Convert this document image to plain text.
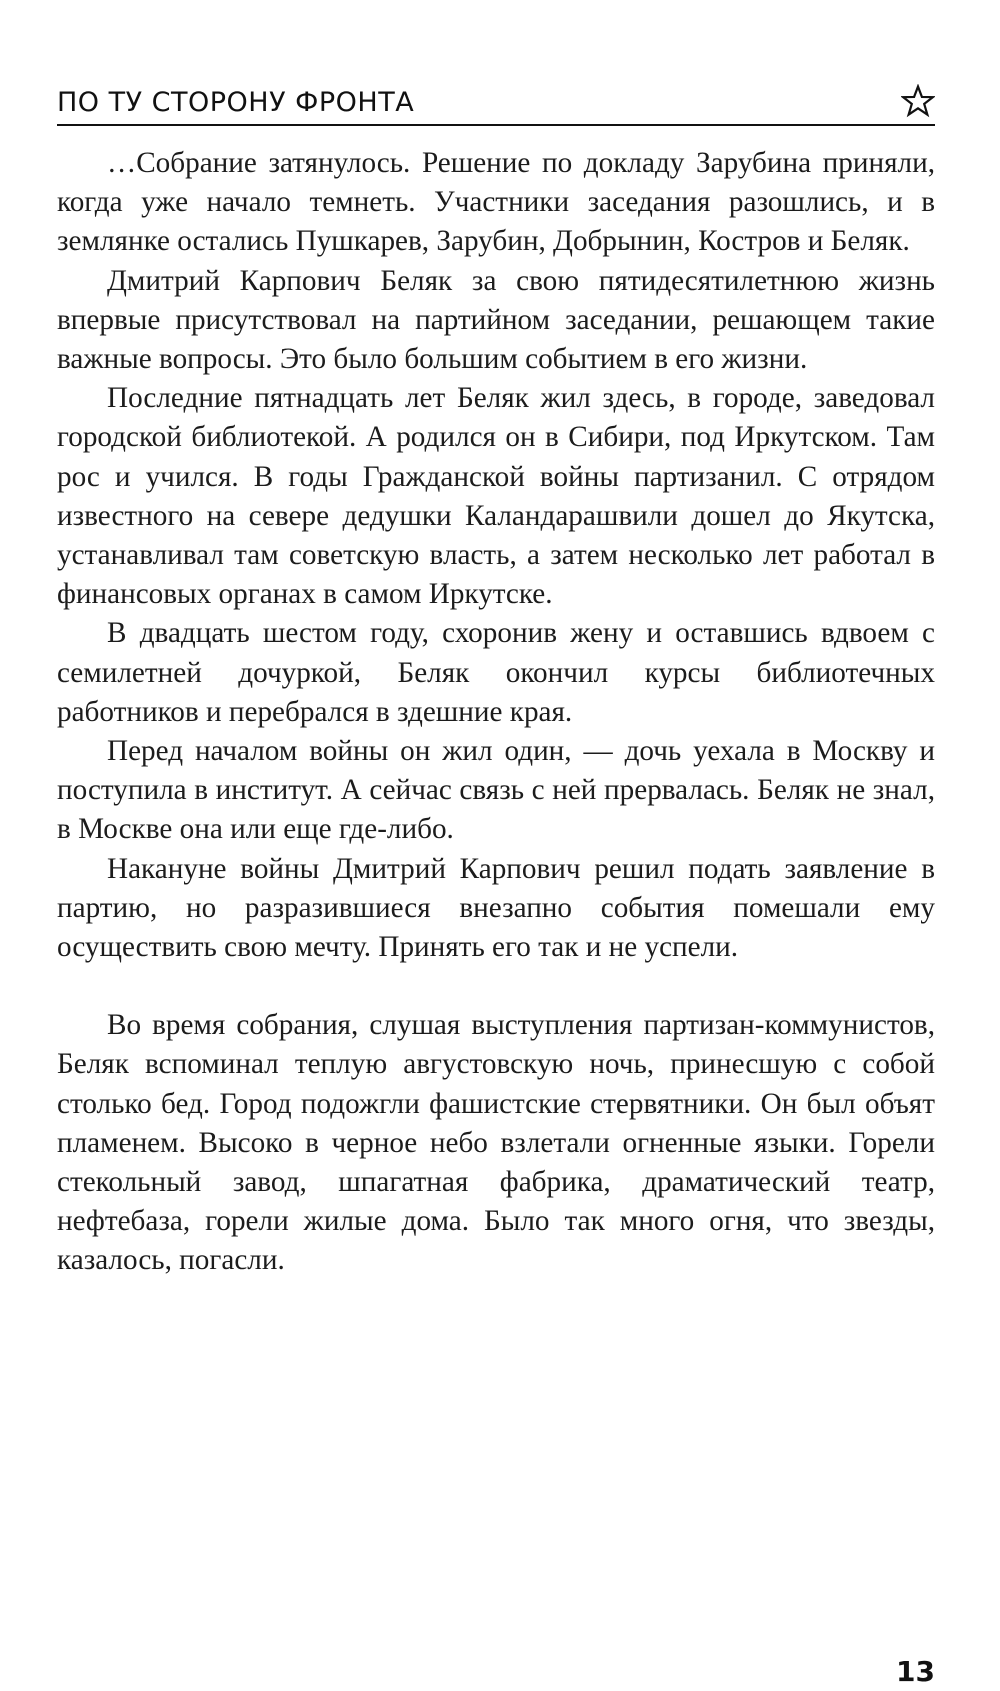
ПО ТУ СТОРОНУ ФРОНТА

…Собрание затянулось. Решение по докладу Зарубина приняли, когда уже начало темнеть. Участники заседания разошлись, и в землянке остались Пушкарев, Зарубин, Добрынин, Костров и Беляк.

Дмитрий Карпович Беляк за свою пятидесятилетнюю жизнь впервые присутствовал на партийном заседании, решающем такие важные вопросы. Это было большим событием в его жизни.

Последние пятнадцать лет Беляк жил здесь, в городе, заведовал городской библиотекой. А родился он в Сибири, под Иркутском. Там рос и учился. В годы Гражданской войны партизанил. С отрядом известного на севере дедушки Каландарашвили дошел до Якутска, устанавливал там советскую власть, а затем несколько лет работал в финансовых органах в самом Иркутске.

В двадцать шестом году, схоронив жену и оставшись вдвоем с семилетней дочуркой, Беляк окончил курсы библиотечных работников и перебрался в здешние края.

Перед началом войны он жил один, — дочь уехала в Москву и поступила в институт. А сейчас связь с ней прервалась. Беляк не знал, в Москве она или еще где-либо.

Накануне войны Дмитрий Карпович решил подать заявление в партию, но разразившиеся внезапно события помешали ему осуществить свою мечту. Принять его так и не успели.

Во время собрания, слушая выступления партизан-коммунистов, Беляк вспоминал теплую августовскую ночь, принесшую с собой столько бед. Город подожгли фашистские стервятники. Он был объят пламенем. Высоко в черное небо взлетали огненные языки. Горели стекольный завод, шпагатная фабрика, драматический театр, нефтебаза, горели жилые дома. Было так много огня, что звезды, казалось, погасли.

13
